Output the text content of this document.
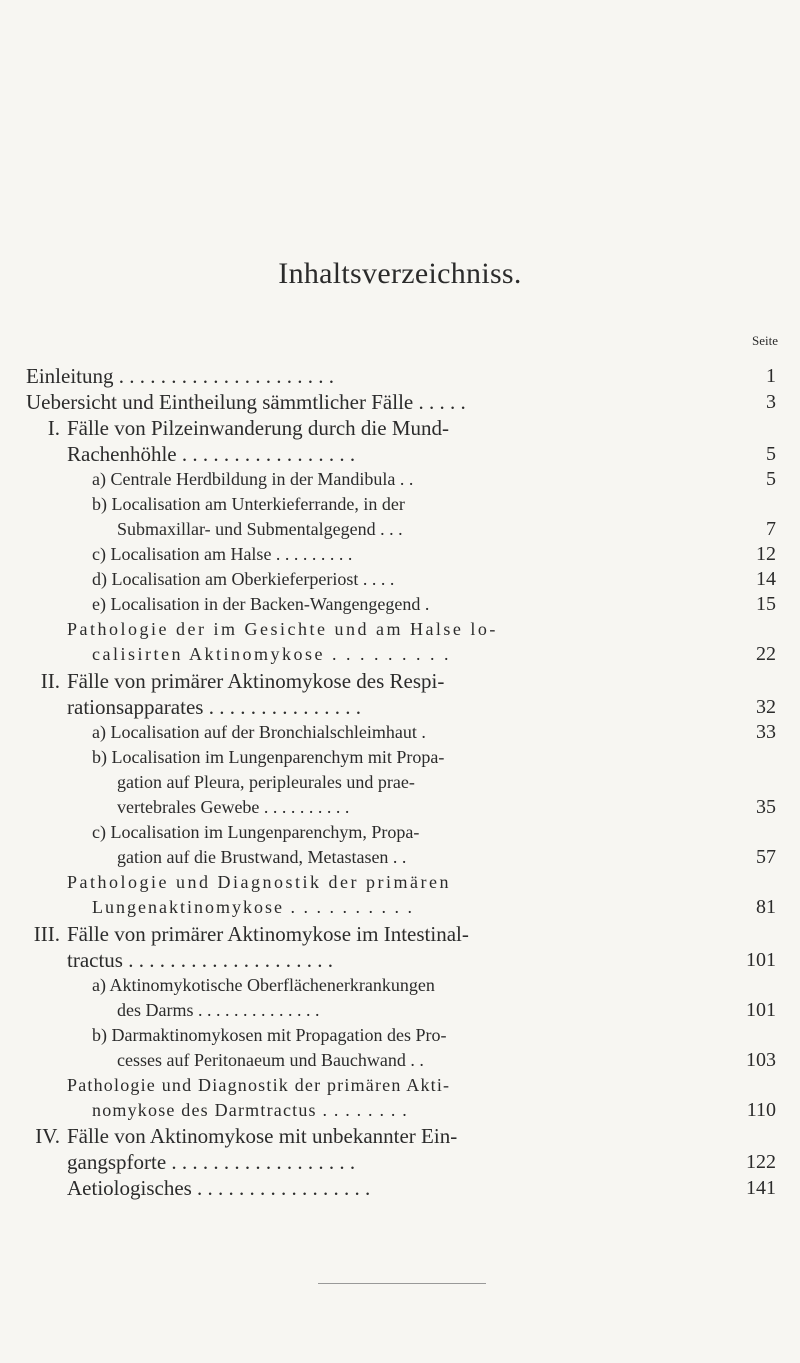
Inhaltsverzeichniss.
Seite
Einleitung . . . . . . . . . . . . . . . . . . . . .	1
Uebersicht und Eintheilung sämmtlicher Fälle . . . . .	3
I. Fälle von Pilzeinwanderung durch die Mund-
Rachenhöhle . . . . . . . . . . . . . . . . .	5
a) Centrale Herdbildung in der Mandibula . .	5
b) Localisation am Unterkieferrande, in der
Submaxillar- und Submentalgegend . . .	7
c) Localisation am Halse . . . . . . . . .	12
d) Localisation am Oberkieferperiost . . . .	14
e) Localisation in der Backen-Wangengegend .	15
Pathologie der im Gesichte und am Halse lo-
calisirten Aktinomykose . . . . . . . . .	22
II. Fälle von primärer Aktinomykose des Respi-
rationsapparates . . . . . . . . . . . . . . .	32
a) Localisation auf der Bronchialschleimhaut .	33
b) Localisation im Lungenparenchym mit Propa-
gation auf Pleura, peripleurales und prae-
vertebrales Gewebe . . . . . . . . . .	35
c) Localisation im Lungenparenchym, Propa-
gation auf die Brustwand, Metastasen . .	57
Pathologie und Diagnostik der primären
Lungenaktinomykose . . . . . . . . . .	81
III. Fälle von primärer Aktinomykose im Intestinal-
tractus . . . . . . . . . . . . . . . . . . . .	101
a) Aktinomykotische Oberflächenerkrankungen
des Darms . . . . . . . . . . . . . .	101
b) Darmaktinomykosen mit Propagation des Pro-
cesses auf Peritonaeum und Bauchwand . .	103
Pathologie und Diagnostik der primären Akti-
nomykose des Darmtractus . . . . . . . .	110
IV. Fälle von Aktinomykose mit unbekannter Ein-
gangspforte . . . . . . . . . . . . . . . . . .	122
Aetiologisches . . . . . . . . . . . . . . . . .	141
